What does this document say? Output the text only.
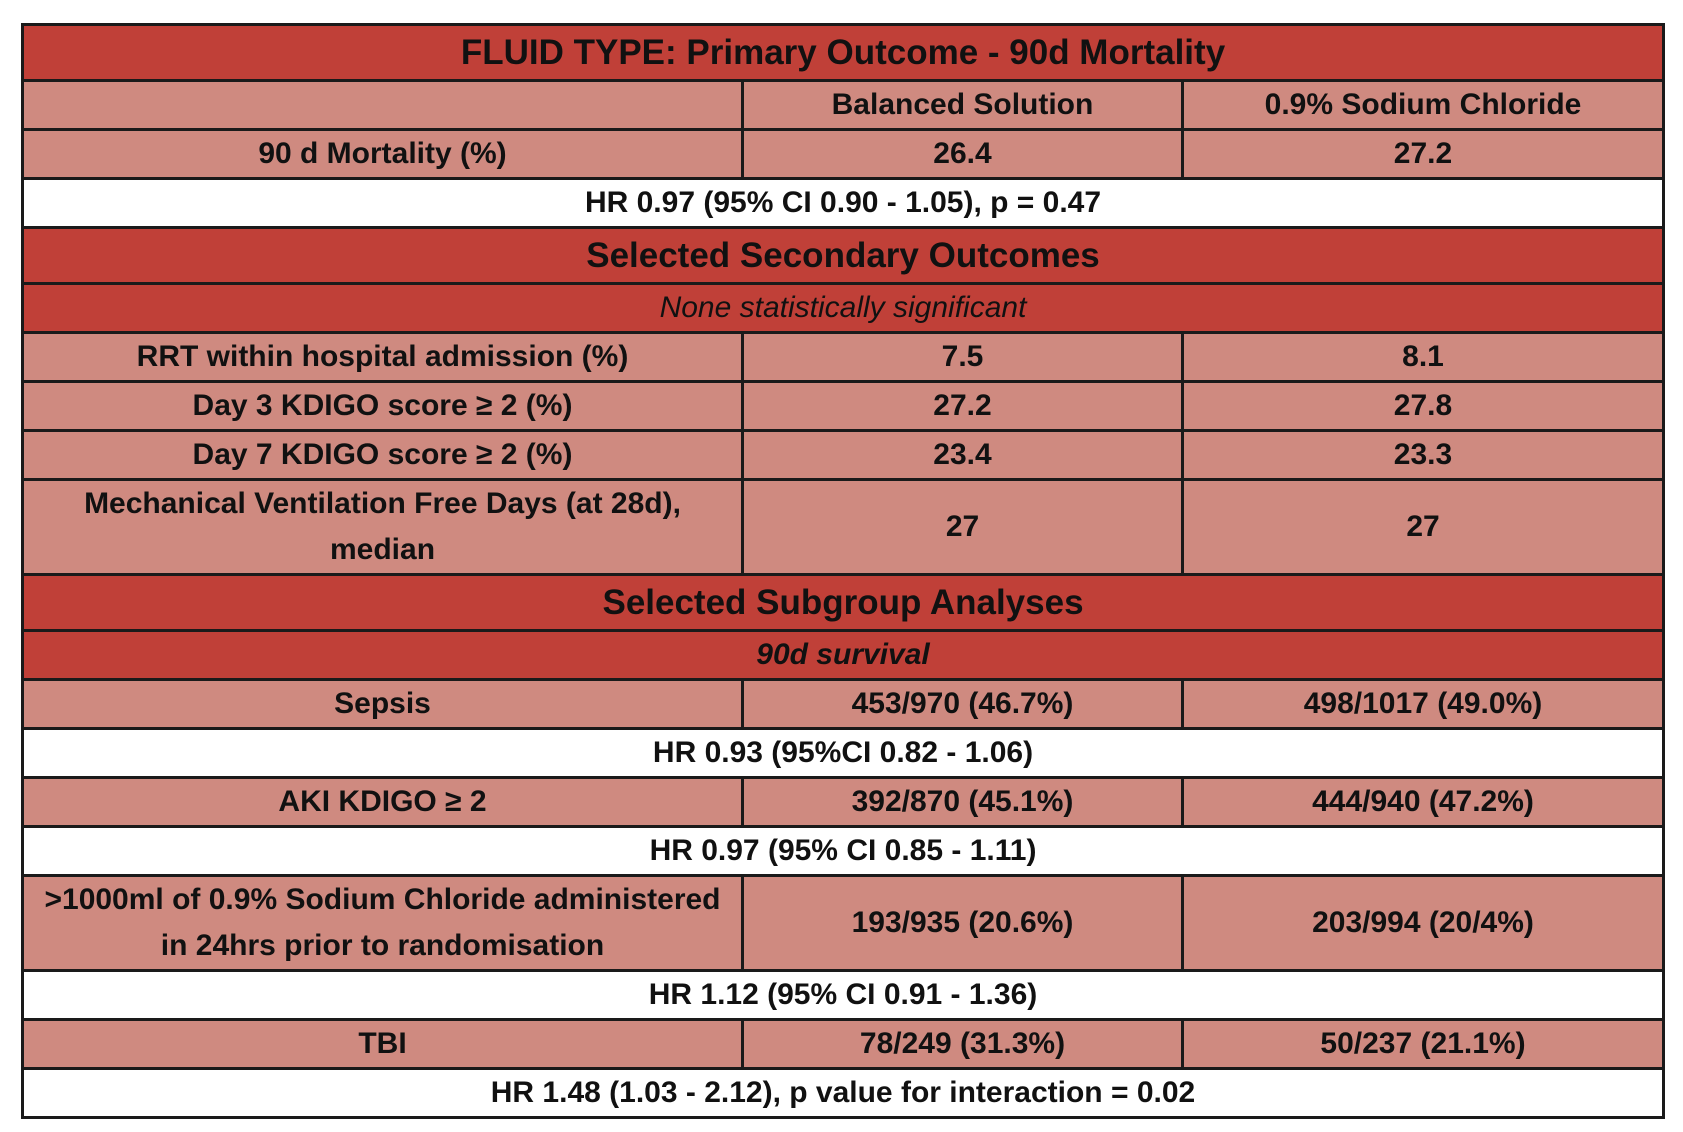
FLUID TYPE: Primary Outcome - 90d Mortality		
	Balanced Solution	0.9% Sodium Chloride
90 d Mortality (%)	26.4	27.2
HR 0.97 (95% CI 0.90 - 1.05), p = 0.47		
Selected Secondary Outcomes		
None statistically significant		
RRT within hospital admission (%)	7.5	8.1
Day 3 KDIGO score ≥ 2 (%)	27.2	27.8
Day 7 KDIGO score ≥ 2 (%)	23.4	23.3
Mechanical Ventilation Free Days (at 28d), median	27	27
Selected Subgroup Analyses		
90d survival		
Sepsis	453/970 (46.7%)	498/1017 (49.0%)
HR 0.93 (95%CI 0.82 - 1.06)		
AKI KDIGO ≥ 2	392/870 (45.1%)	444/940 (47.2%)
HR 0.97 (95% CI 0.85 - 1.11)		
>1000ml of 0.9% Sodium Chloride administered in 24hrs prior to randomisation	193/935 (20.6%)	203/994 (20/4%)
HR 1.12 (95% CI 0.91 - 1.36)		
TBI	78/249 (31.3%)	50/237 (21.1%)
HR 1.48 (1.03 - 2.12), p value for interaction = 0.02		
